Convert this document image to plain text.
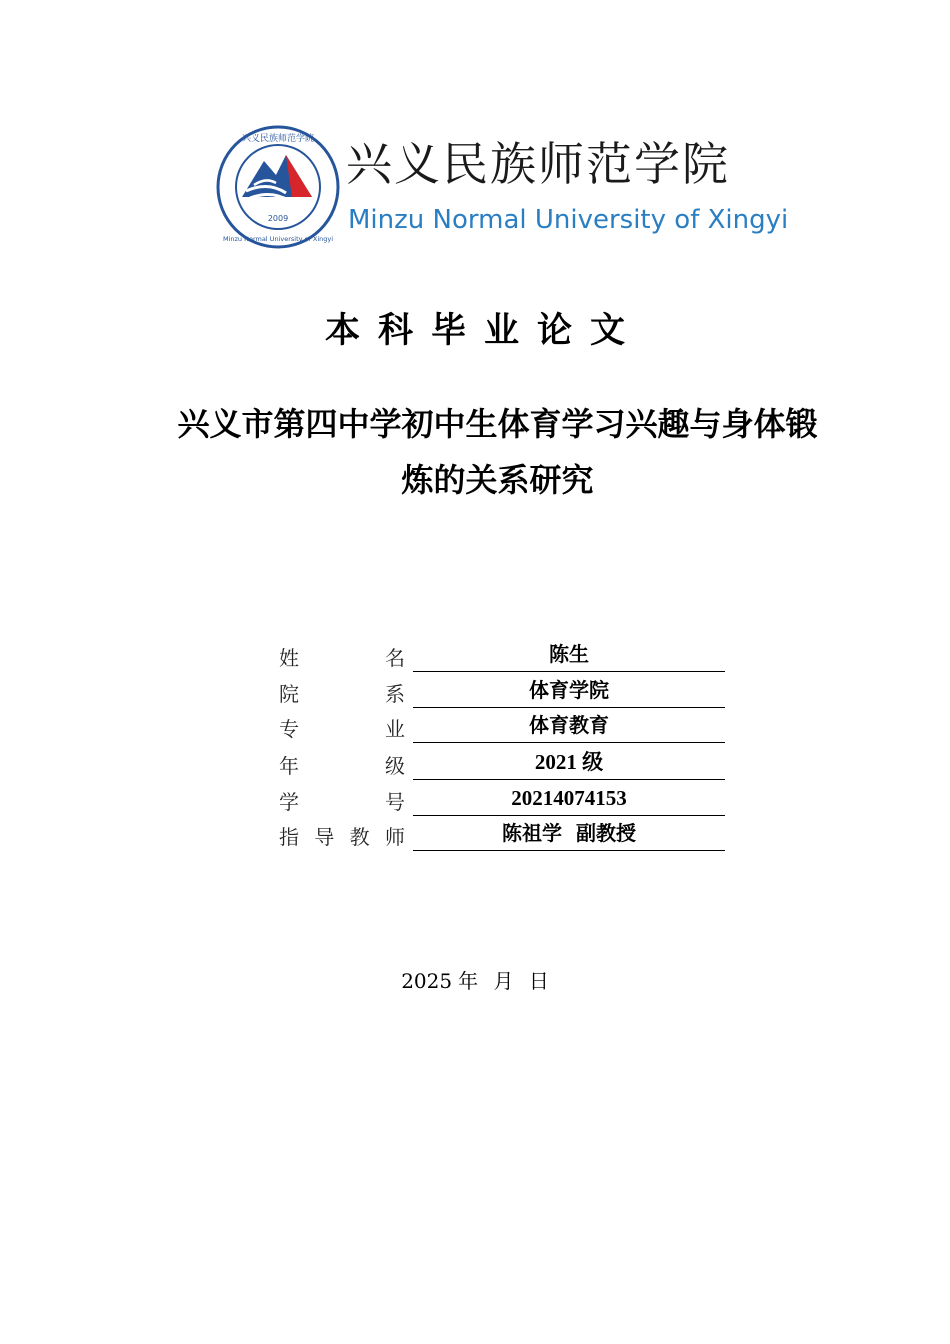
2009
兴义民族师范学院
Minzu Normal University of Xingyi
兴义民族师范学院
Minzu Normal University of Xingyi
本科毕业论文
兴义市第四中学初中生体育学习兴趣与身体锻
炼的关系研究
姓	名	陈生
院	系	体育学院
专	业	体育教育
年	级	2021 级
学	号	20214074153
指 导 教 师	陈祖学  副教授
2025 年 月 日
